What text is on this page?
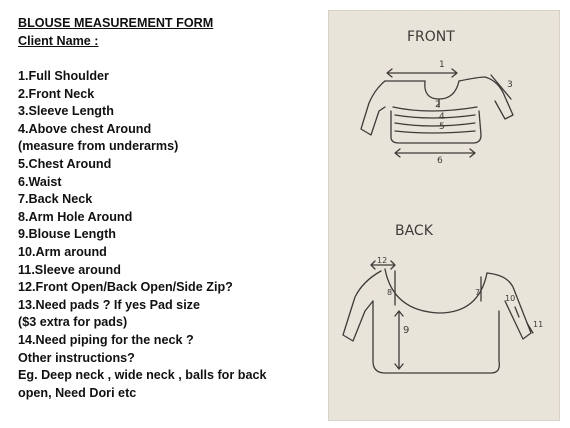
BLOUSE MEASUREMENT FORM
Client Name :
1.Full Shoulder
2.Front Neck
3.Sleeve Length
4.Above chest Around
(measure from underarms)
5.Chest Around
6.Waist
7.Back Neck
8.Arm Hole Around
9.Blouse Length
10.Arm around
11.Sleeve around
12.Front Open/Back Open/Side Zip?
13.Need pads ? If yes Pad size
($3 extra for pads)
14.Need piping for the neck ?
Other instructions?
Eg. Deep neck , wide neck , balls for back
open, Need Dori etc
FRONT
1
2
3
4
5
6
BACK
12
8	7
9
10
11
